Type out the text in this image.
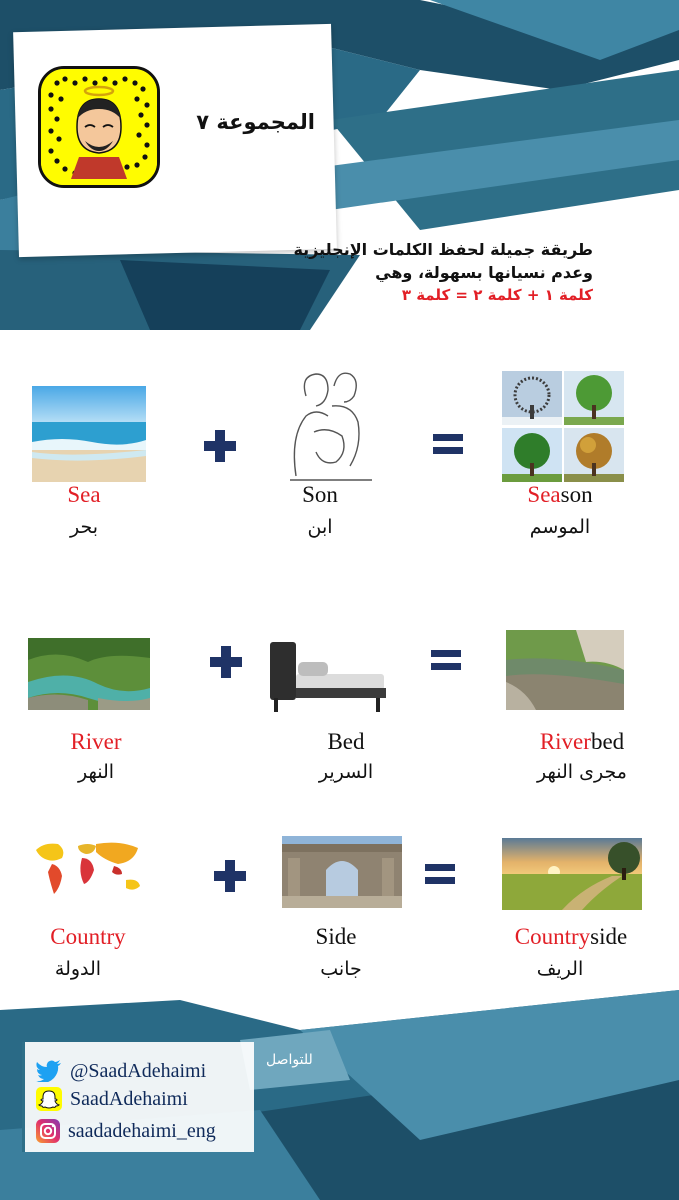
المجموعة ٧
طريقة جميلة لحفظ الكلمات الإنجليزية
وعدم نسيانها بسهولة، وهي
كلمة ١ + كلمة ٢ = كلمة ٣
Sea
بحر
Son
ابن
Season
الموسم
River
النهر
Bed
السرير
Riverbed
مجرى النهر
Country
الدولة
Side
جانب
Countryside
الريف
@SaadAdehaimi
SaadAdehaimi
saadadehaimi_eng
للتواصل
